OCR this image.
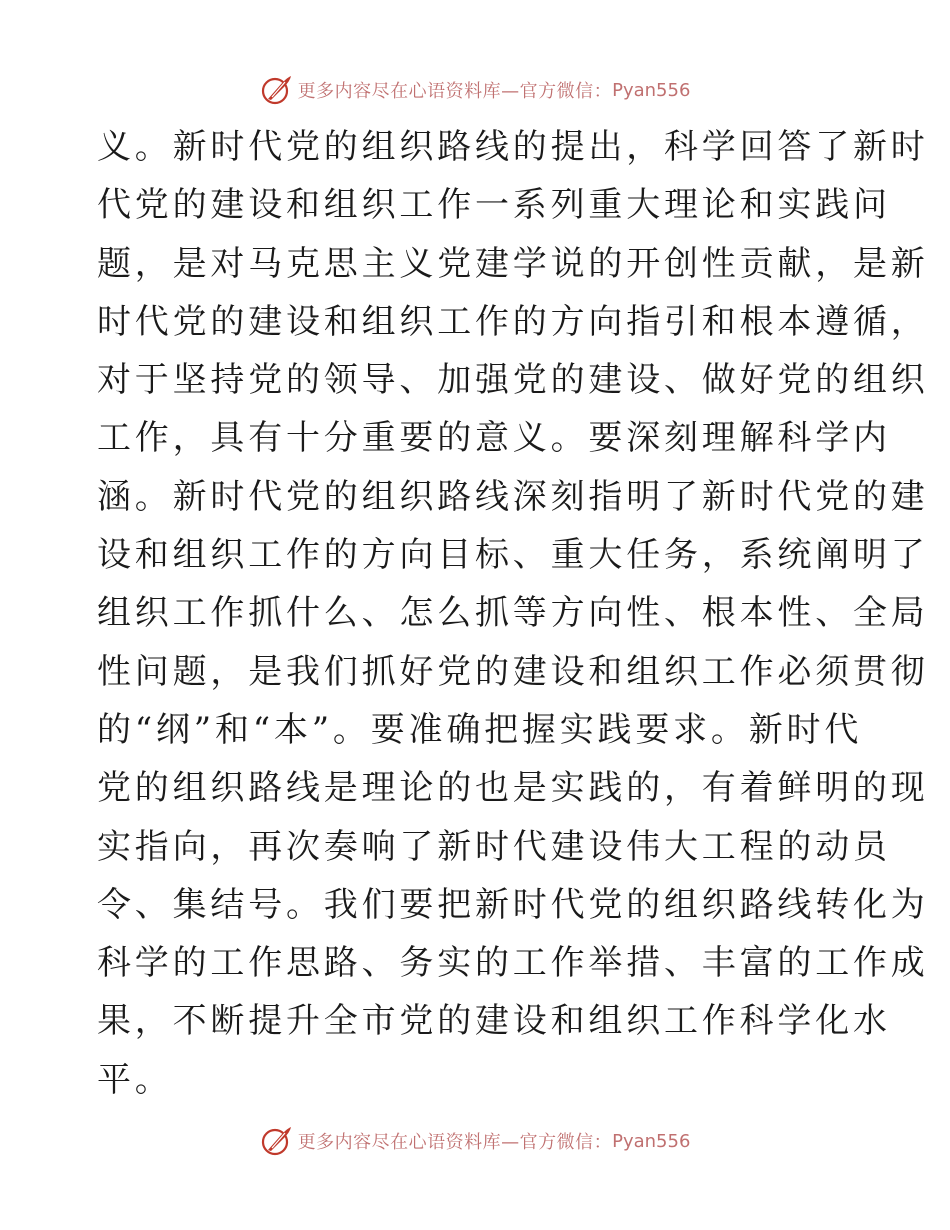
更多内容尽在心语资料库—官方微信： Pyan556
义。新时代党的组织路线的提出，科学回答了新时
代党的建设和组织工作一系列重大理论和实践问
题，是对马克思主义党建学说的开创性贡献，是新
时代党的建设和组织工作的方向指引和根本遵循，
对于坚持党的领导、加强党的建设、做好党的组织
工作，具有十分重要的意义。要深刻理解科学内
涵。新时代党的组织路线深刻指明了新时代党的建
设和组织工作的方向目标、重大任务，系统阐明了
组织工作抓什么、怎么抓等方向性、根本性、全局
性问题，是我们抓好党的建设和组织工作必须贯彻
的“纲”和“本”。要准确把握实践要求。新时代
党的组织路线是理论的也是实践的，有着鲜明的现
实指向，再次奏响了新时代建设伟大工程的动员
令、集结号。我们要把新时代党的组织路线转化为
科学的工作思路、务实的工作举措、丰富的工作成
果，不断提升全市党的建设和组织工作科学化水
平。
更多内容尽在心语资料库—官方微信： Pyan556
